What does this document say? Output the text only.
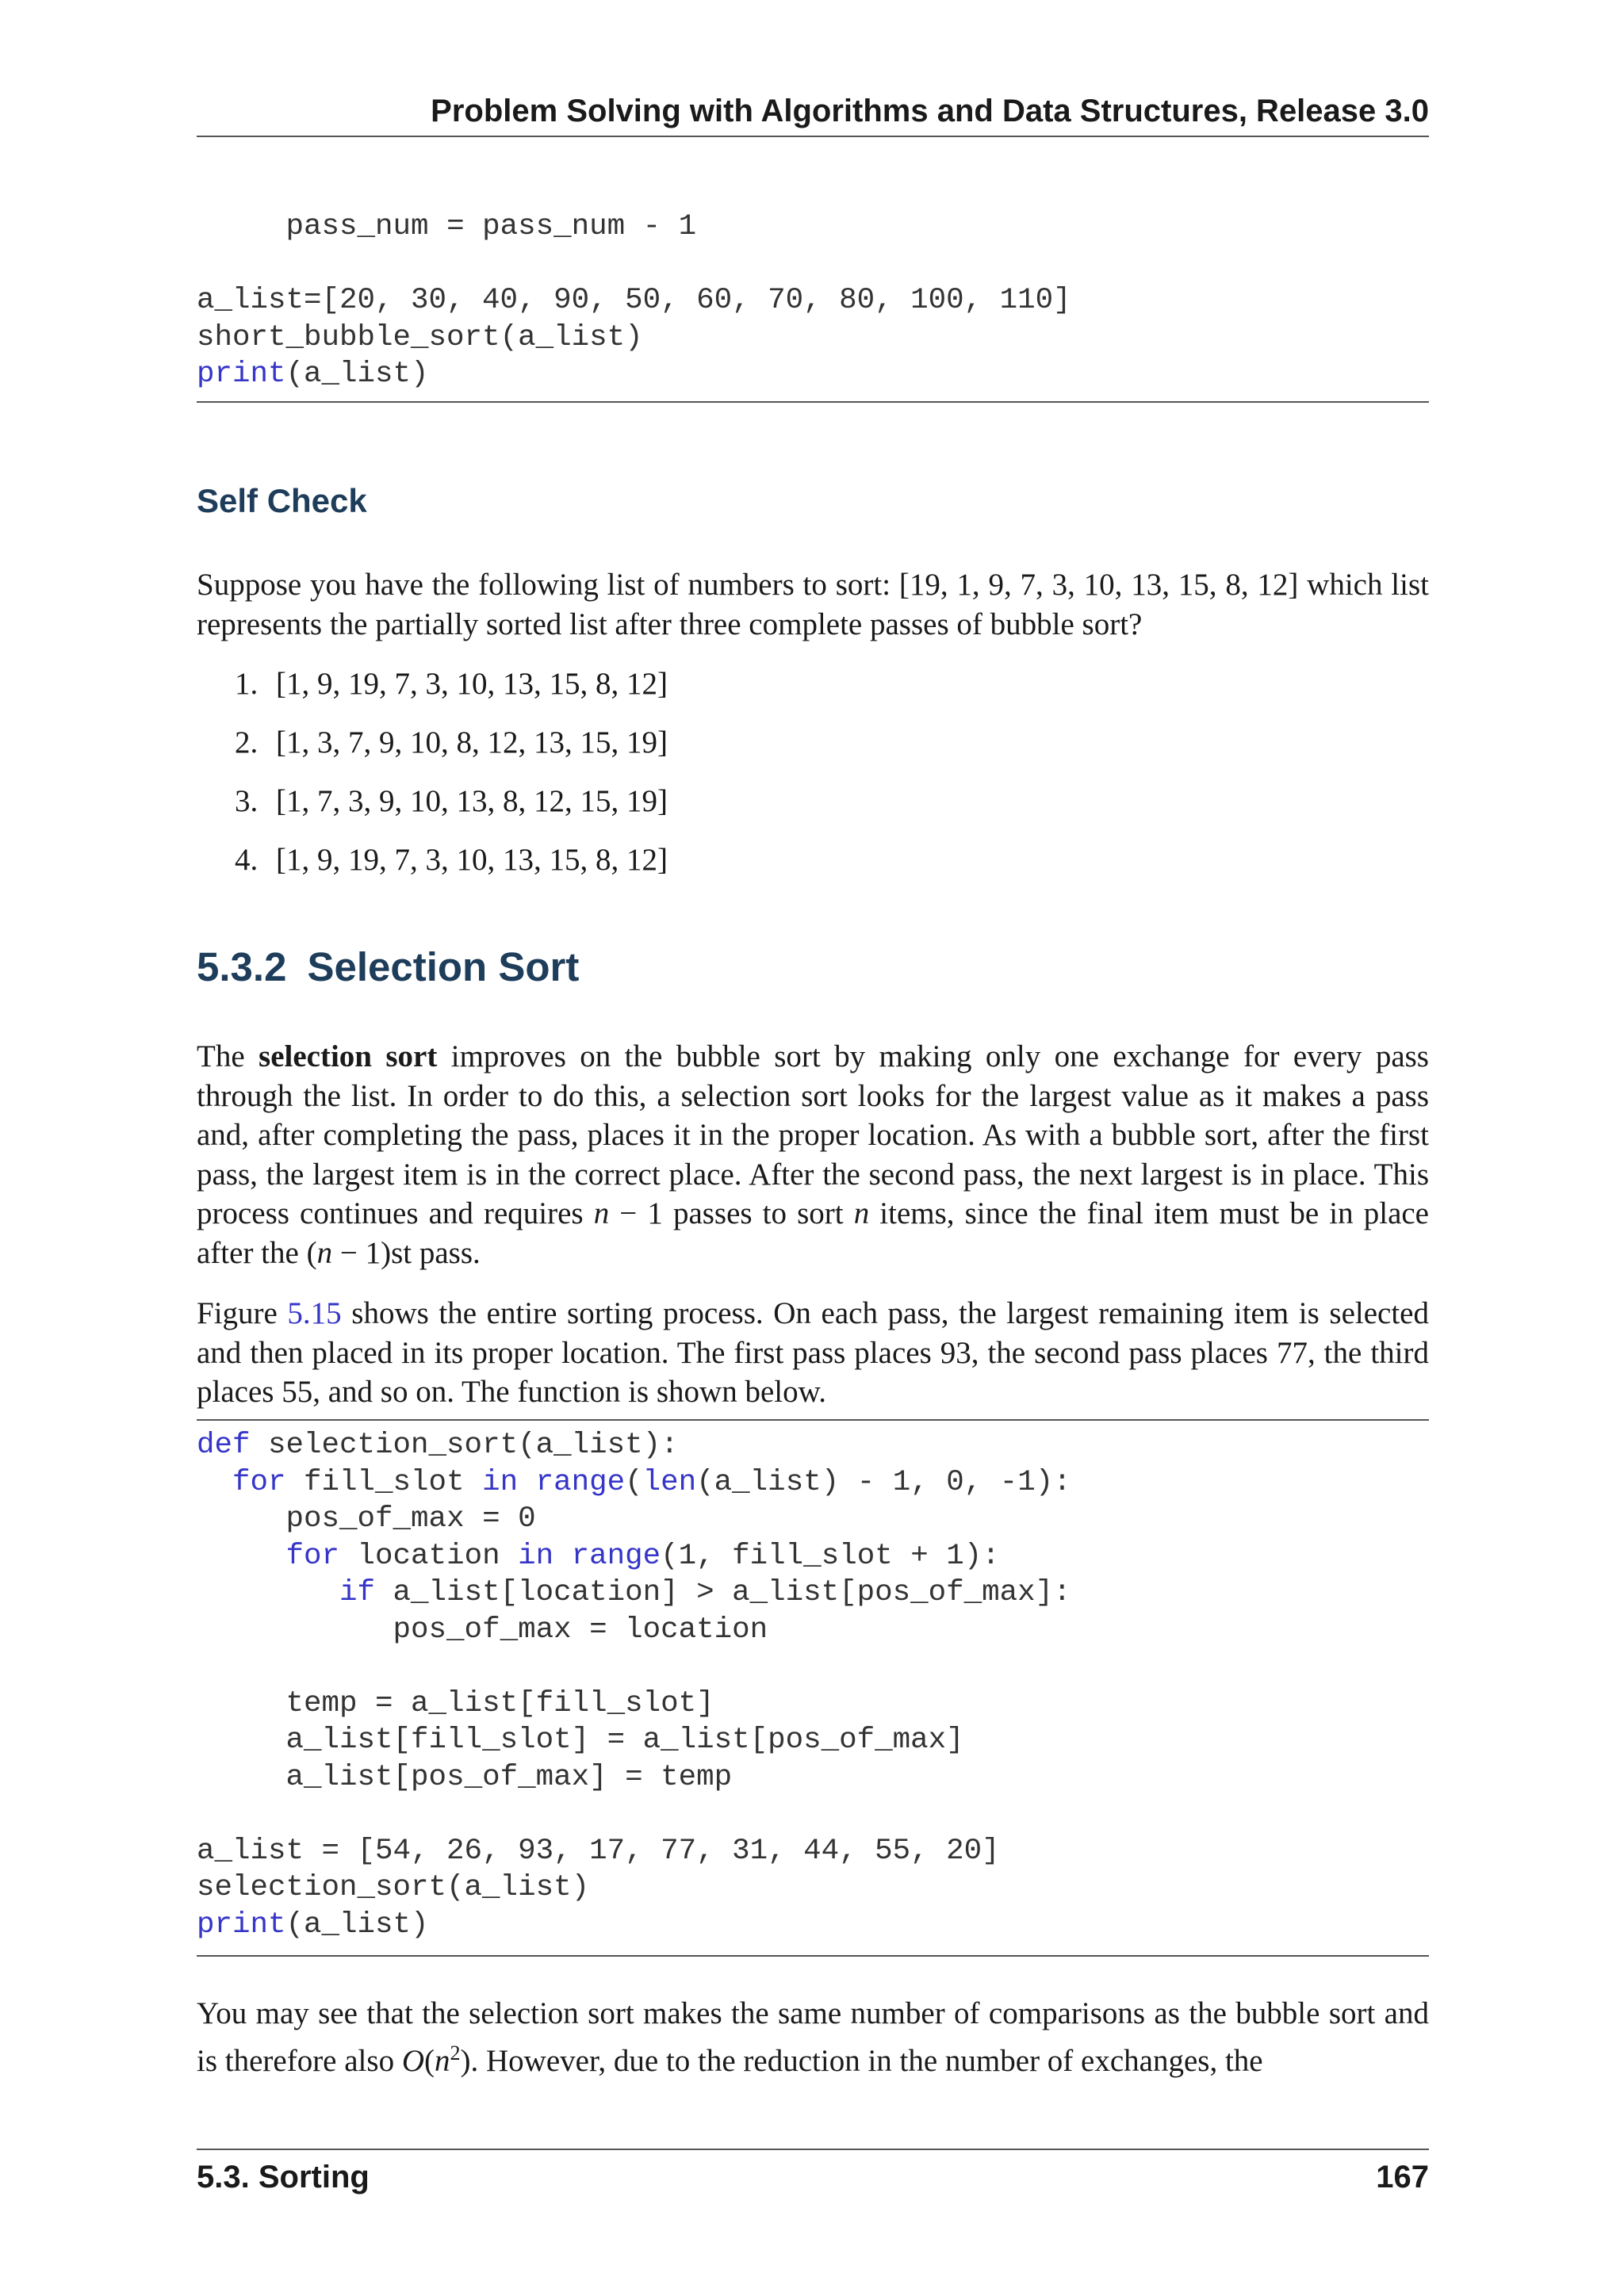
Problem Solving with Algorithms and Data Structures, Release 3.0
pass_num = pass_num - 1

a_list=[20, 30, 40, 90, 50, 60, 70, 80, 100, 110]
short_bubble_sort(a_list)
print(a_list)
Self Check

Suppose you have the following list of numbers to sort: [19, 1, 9, 7, 3, 10, 13, 15, 8, 12] which list represents the partially sorted list after three complete passes of bubble sort?

1. [1, 9, 19, 7, 3, 10, 13, 15, 8, 12]
2. [1, 3, 7, 9, 10, 8, 12, 13, 15, 19]
3. [1, 7, 3, 9, 10, 13, 8, 12, 15, 19]
4. [1, 9, 19, 7, 3, 10, 13, 15, 8, 12]
5.3.2 Selection Sort

The selection sort improves on the bubble sort by making only one exchange for every pass through the list. In order to do this, a selection sort looks for the largest value as it makes a pass and, after completing the pass, places it in the proper location. As with a bubble sort, after the first pass, the largest item is in the correct place. After the second pass, the next largest is in place. This process continues and requires n − 1 passes to sort n items, since the final item must be in place after the (n − 1)st pass.

Figure 5.15 shows the entire sorting process. On each pass, the largest remaining item is selected and then placed in its proper location. The first pass places 93, the second pass places 77, the third places 55, and so on. The function is shown below.

def selection_sort(a_list):
for fill_slot in range(len(a_list) - 1, 0, -1):
pos_of_max = 0
for location in range(1, fill_slot + 1):
if a_list[location] > a_list[pos_of_max]:
pos_of_max = location

temp = a_list[fill_slot]
a_list[fill_slot] = a_list[pos_of_max]
a_list[pos_of_max] = temp

a_list = [54, 26, 93, 17, 77, 31, 44, 55, 20]
selection_sort(a_list)
print(a_list)

You may see that the selection sort makes the same number of comparisons as the bubble sort and is therefore also $O(n^2)$. However, due to the reduction in the number of exchanges, the

5.3. Sorting	167
